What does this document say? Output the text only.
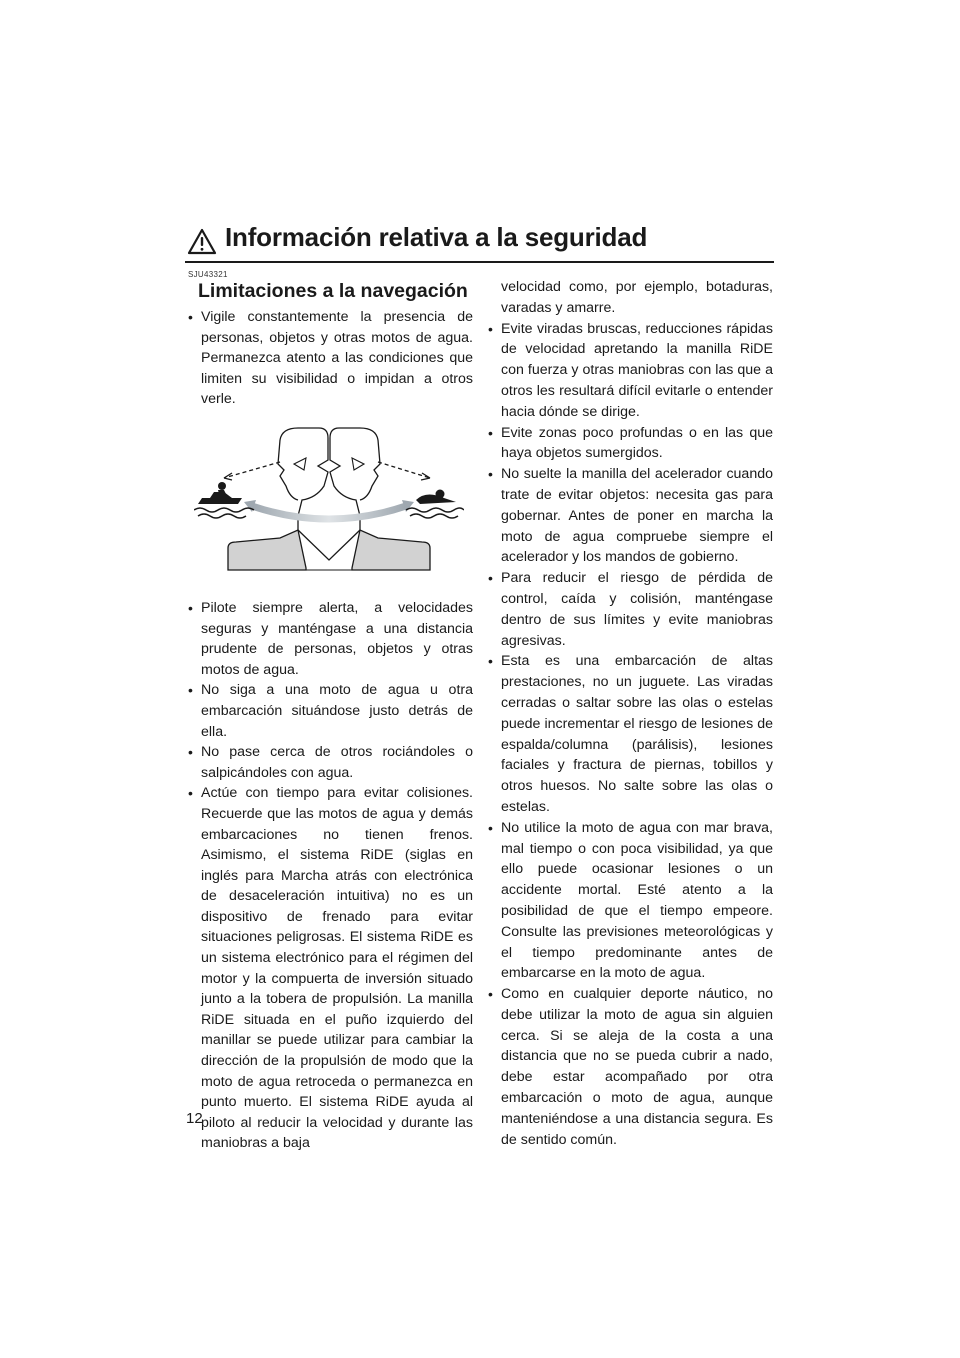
Información relativa a la seguridad
SJU43321
Limitaciones a la navegación
• Vigile constantemente la presencia de personas, objetos y otras motos de agua. Permanezca atento a las condiciones que limiten su visibilidad o impidan a otros verle.
• Pilote siempre alerta, a velocidades seguras y manténgase a una distancia prudente de personas, objetos y otras motos de agua.
• No siga a una moto de agua u otra embarcación situándose justo detrás de ella.
• No pase cerca de otros rociándoles o salpicándoles con agua.
• Actúe con tiempo para evitar colisiones. Recuerde que las motos de agua y demás embarcaciones no tienen frenos. Asimismo, el sistema RiDE (siglas en inglés para Marcha atrás con electrónica de desaceleración intuitiva) no es un dispositivo de frenado para evitar situaciones peligrosas. El sistema RiDE es un sistema electrónico para el régimen del motor y la compuerta de inversión situado junto a la tobera de propulsión. La manilla RiDE situada en el puño izquierdo del manillar se puede utilizar para cambiar la dirección de la propulsión de modo que la moto de agua retroceda o permanezca en punto muerto. El sistema RiDE ayuda al piloto al reducir la velocidad y durante las maniobras a baja
velocidad como, por ejemplo, botaduras, varadas y amarre.
• Evite viradas bruscas, reducciones rápidas de velocidad apretando la manilla RiDE con fuerza y otras maniobras con las que a otros les resultará difícil evitarle o entender hacia dónde se dirige.
• Evite zonas poco profundas o en las que haya objetos sumergidos.
• No suelte la manilla del acelerador cuando trate de evitar objetos: necesita gas para gobernar. Antes de poner en marcha la moto de agua compruebe siempre el acelerador y los mandos de gobierno.
• Para reducir el riesgo de pérdida de control, caída y colisión, manténgase dentro de sus límites y evite maniobras agresivas.
• Esta es una embarcación de altas prestaciones, no un juguete. Las viradas cerradas o saltar sobre las olas o estelas puede incrementar el riesgo de lesiones de espalda/columna (parálisis), lesiones faciales y fractura de piernas, tobillos y otros huesos. No salte sobre las olas o estelas.
• No utilice la moto de agua con mar brava, mal tiempo o con poca visibilidad, ya que ello puede ocasionar lesiones o un accidente mortal. Esté atento a la posibilidad de que el tiempo empeore. Consulte las previsiones meteorológicas y el tiempo predominante antes de embarcarse en la moto de agua.
• Como en cualquier deporte náutico, no debe utilizar la moto de agua sin alguien cerca. Si se aleja de la costa a una distancia que no se pueda cubrir a nado, debe estar acompañado por otra embarcación o moto de agua, aunque manteniéndose a una distancia segura. Es de sentido común.
12
